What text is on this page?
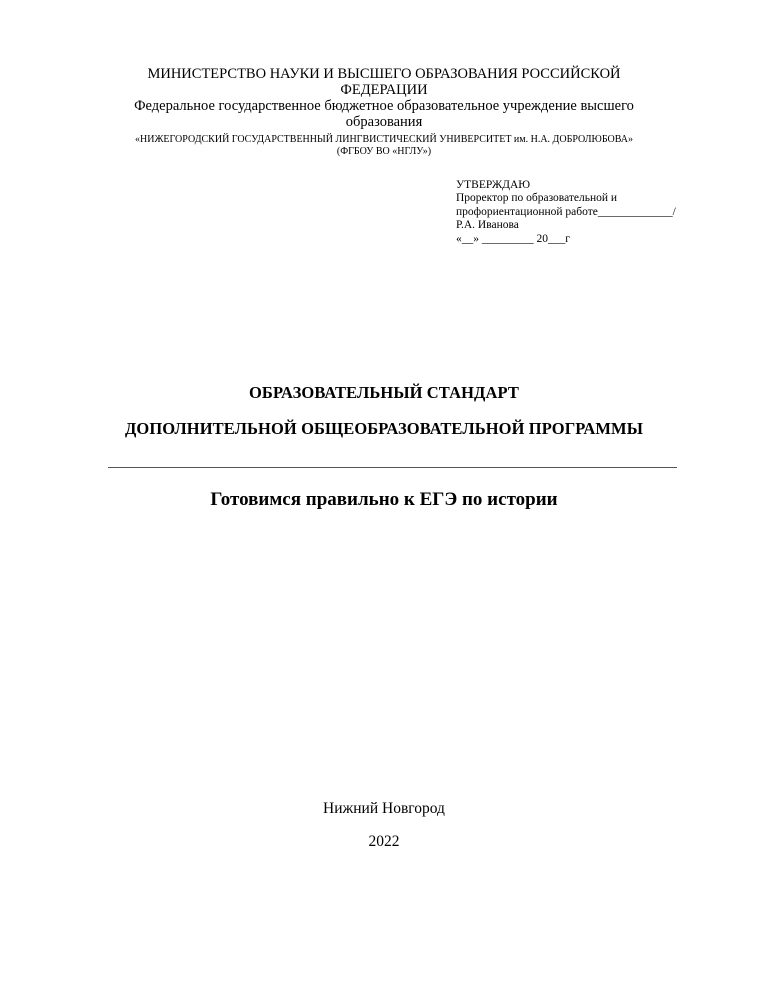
МИНИСТЕРСТВО НАУКИ И ВЫСШЕГО ОБРАЗОВАНИЯ РОССИЙСКОЙ
ФЕДЕРАЦИИ
Федеральное государственное бюджетное образовательное учреждение высшего
образования
«НИЖЕГОРОДСКИЙ ГОСУДАРСТВЕННЫЙ ЛИНГВИСТИЧЕСКИЙ УНИВЕРСИТЕТ им. Н.А. ДОБРОЛЮБОВА»
(ФГБОУ ВО «НГЛУ»)
УТВЕРЖДАЮ
Проректор по образовательной и
профориентационной работе_____________/
Р.А. Иванова
«__» _________ 20___г
ОБРАЗОВАТЕЛЬНЫЙ СТАНДАРТ
ДОПОЛНИТЕЛЬНОЙ ОБЩЕОБРАЗОВАТЕЛЬНОЙ ПРОГРАММЫ
Готовимся правильно к ЕГЭ по истории
Нижний Новгород
2022
